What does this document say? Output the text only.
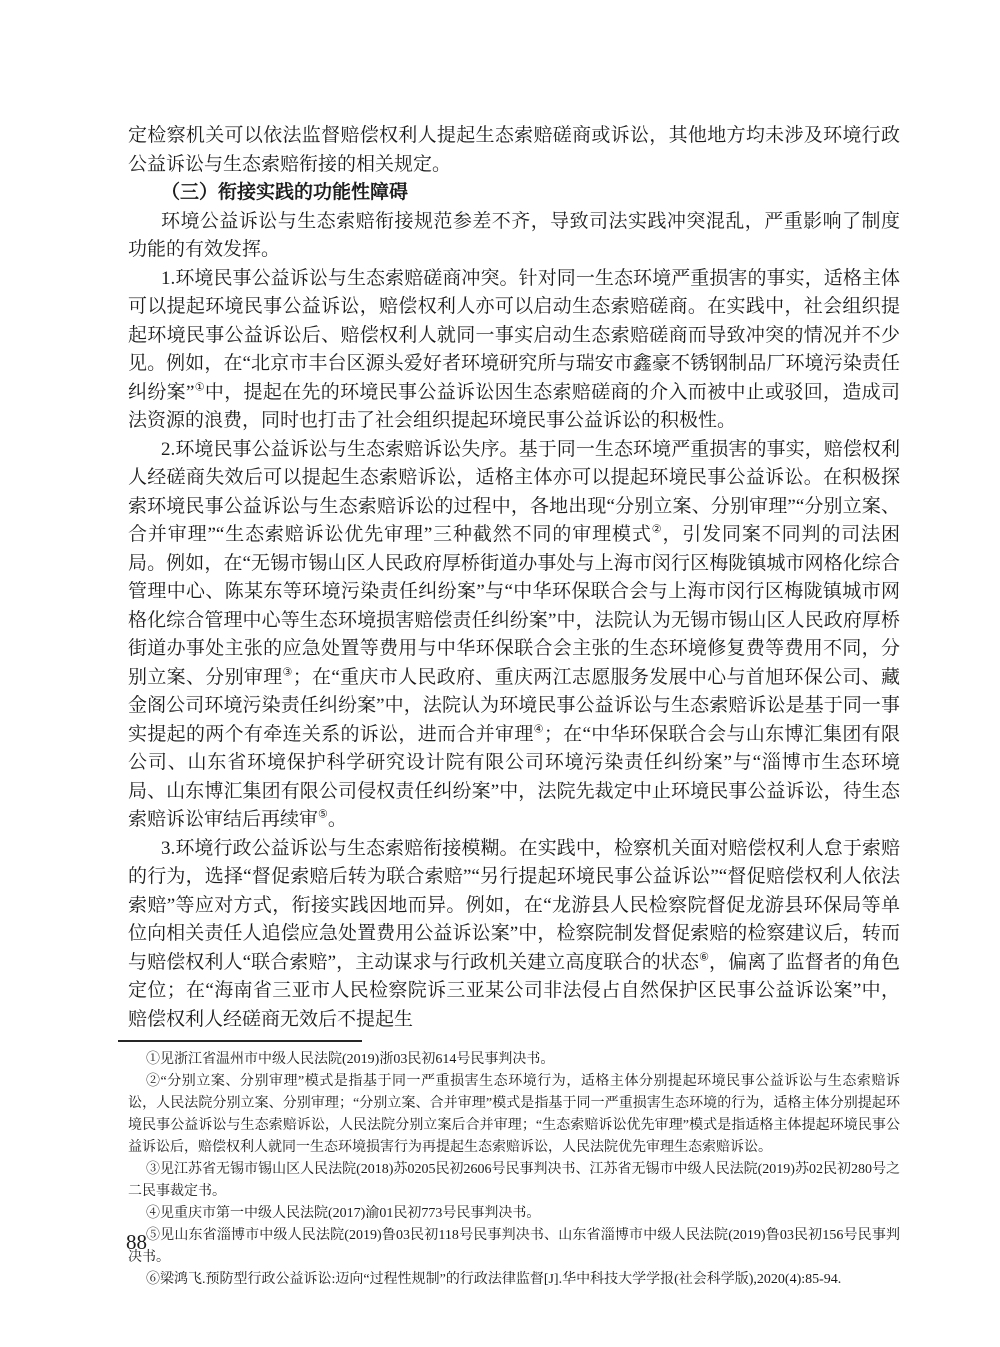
定检察机关可以依法监督赔偿权利人提起生态索赔磋商或诉讼，其他地方均未涉及环境行政公益诉讼与生态索赔衔接的相关规定。

（三）衔接实践的功能性障碍

环境公益诉讼与生态索赔衔接规范参差不齐，导致司法实践冲突混乱，严重影响了制度功能的有效发挥。

1.环境民事公益诉讼与生态索赔磋商冲突。针对同一生态环境严重损害的事实，适格主体可以提起环境民事公益诉讼，赔偿权利人亦可以启动生态索赔磋商。在实践中，社会组织提起环境民事公益诉讼后、赔偿权利人就同一事实启动生态索赔磋商而导致冲突的情况并不少见。例如，在“北京市丰台区源头爱好者环境研究所与瑞安市鑫豪不锈钢制品厂环境污染责任纠纷案”①中，提起在先的环境民事公益诉讼因生态索赔磋商的介入而被中止或驳回，造成司法资源的浪费，同时也打击了社会组织提起环境民事公益诉讼的积极性。

2.环境民事公益诉讼与生态索赔诉讼失序。基于同一生态环境严重损害的事实，赔偿权利人经磋商失效后可以提起生态索赔诉讼，适格主体亦可以提起环境民事公益诉讼。在积极探索环境民事公益诉讼与生态索赔诉讼的过程中，各地出现“分别立案、分别审理”“分别立案、合并审理”“生态索赔诉讼优先审理”三种截然不同的审理模式②，引发同案不同判的司法困局。例如，在“无锡市锡山区人民政府厚桥街道办事处与上海市闵行区梅陇镇城市网格化综合管理中心、陈某东等环境污染责任纠纷案”与“中华环保联合会与上海市闵行区梅陇镇城市网格化综合管理中心等生态环境损害赔偿责任纠纷案”中，法院认为无锡市锡山区人民政府厚桥街道办事处主张的应急处置等费用与中华环保联合会主张的生态环境修复费等费用不同，分别立案、分别审理③；在“重庆市人民政府、重庆两江志愿服务发展中心与首旭环保公司、藏金阁公司环境污染责任纠纷案”中，法院认为环境民事公益诉讼与生态索赔诉讼是基于同一事实提起的两个有牵连关系的诉讼，进而合并审理④；在“中华环保联合会与山东博汇集团有限公司、山东省环境保护科学研究设计院有限公司环境污染责任纠纷案”与“淄博市生态环境局、山东博汇集团有限公司侵权责任纠纷案”中，法院先裁定中止环境民事公益诉讼，待生态索赔诉讼审结后再续审⑤。

3.环境行政公益诉讼与生态索赔衔接模糊。在实践中，检察机关面对赔偿权利人怠于索赔的行为，选择“督促索赔后转为联合索赔”“另行提起环境民事公益诉讼”“督促赔偿权利人依法索赔”等应对方式，衔接实践因地而异。例如，在“龙游县人民检察院督促龙游县环保局等单位向相关责任人追偿应急处置费用公益诉讼案”中，检察院制发督促索赔的检察建议后，转而与赔偿权利人“联合索赔”，主动谋求与行政机关建立高度联合的状态⑥，偏离了监督者的角色定位；在“海南省三亚市人民检察院诉三亚某公司非法侵占自然保护区民事公益诉讼案”中，赔偿权利人经磋商无效后不提起生

①见浙江省温州市中级人民法院(2019)浙03民初614号民事判决书。

②“分别立案、分别审理”模式是指基于同一严重损害生态环境行为，适格主体分别提起环境民事公益诉讼与生态索赔诉讼，人民法院分别立案、分别审理；“分别立案、合并审理”模式是指基于同一严重损害生态环境的行为，适格主体分别提起环境民事公益诉讼与生态索赔诉讼，人民法院分别立案后合并审理；“生态索赔诉讼优先审理”模式是指适格主体提起环境民事公益诉讼后，赔偿权利人就同一生态环境损害行为再提起生态索赔诉讼，人民法院优先审理生态索赔诉讼。

③见江苏省无锡市锡山区人民法院(2018)苏0205民初2606号民事判决书、江苏省无锡市中级人民法院(2019)苏02民初280号之二民事裁定书。

④见重庆市第一中级人民法院(2017)渝01民初773号民事判决书。

⑤见山东省淄博市中级人民法院(2019)鲁03民初118号民事判决书、山东省淄博市中级人民法院(2019)鲁03民初156号民事判决书。

⑥梁鸿飞.预防型行政公益诉讼:迈向“过程性规制”的行政法律监督[J].华中科技大学学报(社会科学版),2020(4):85-94.

88
